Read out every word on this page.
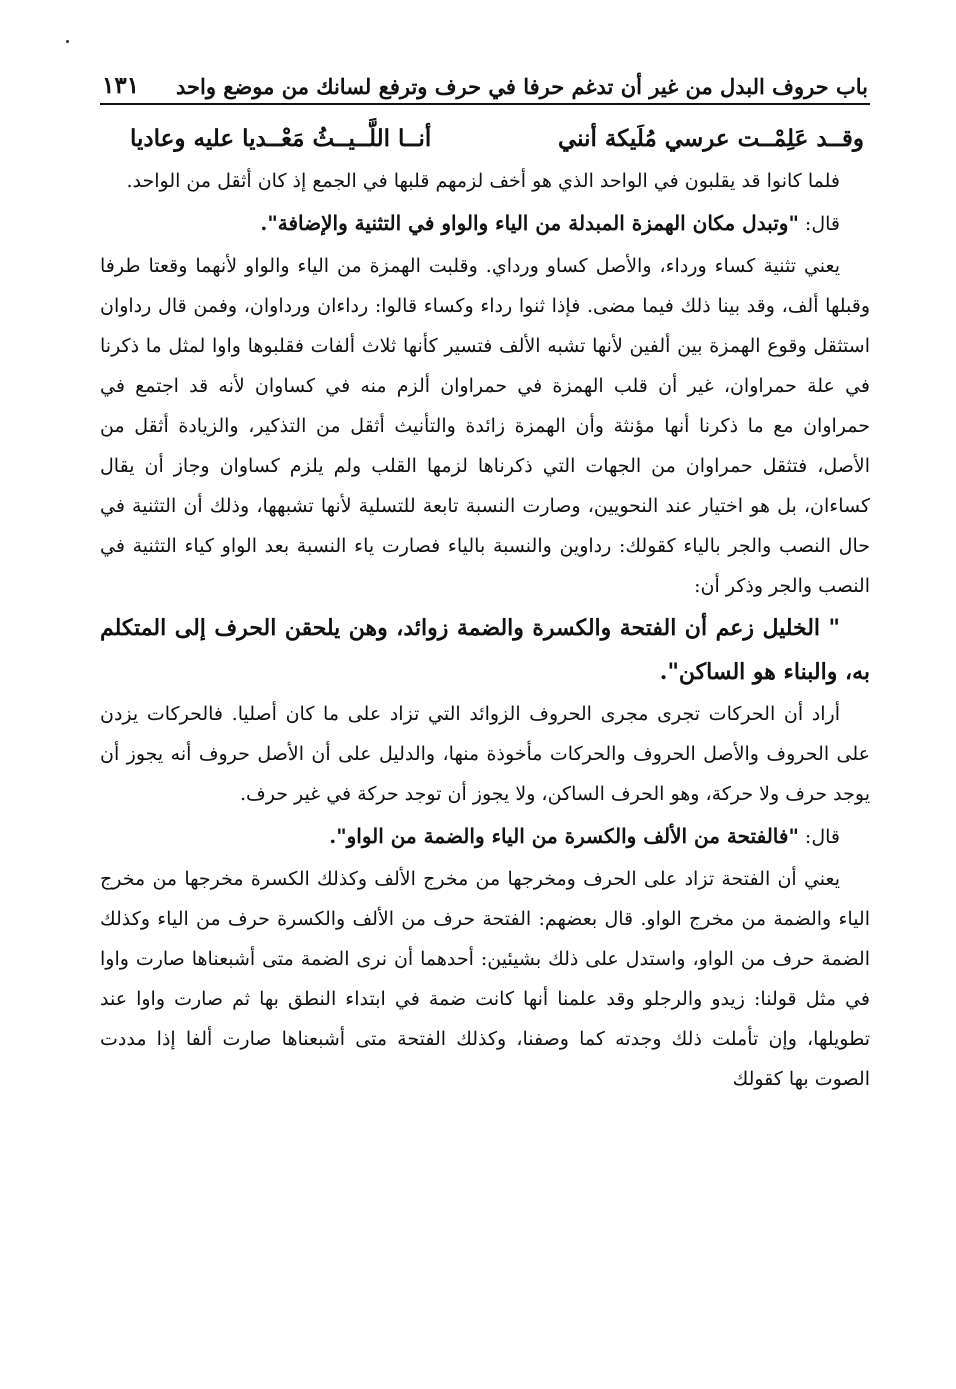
باب حروف البدل من غير أن تدغم حرفا في حرف وترفع لسانك من موضع واحد
١٣١
وقــد عَلِمْــت عرسي مُلَيكة أنني
أنــا اللَّــيــثُ مَعْــديا عليه وعاديا

فلما كانوا قد يقلبون في الواحد الذي هو أخف لزمهم قلبها في الجمع إذ كان أثقل من الواحد.

قال: "وتبدل مكان الهمزة المبدلة من الياء والواو في التثنية والإضافة".

يعني تثنية كساء ورداء، والأصل كساو ورداي. وقلبت الهمزة من الياء والواو لأنهما وقعتا طرفا وقبلها ألف، وقد بينا ذلك فيما مضى. فإذا ثنوا رداء وكساء قالوا: رداءان ورداوان، وفمن قال رداوان استثقل وقوع الهمزة بين ألفين لأنها تشبه الألف فتسير كأنها ثلاث ألفات فقلبوها واوا لمثل ما ذكرنا في علة حمراوان، غير أن قلب الهمزة في حمراوان ألزم منه في كساوان لأنه قد اجتمع في حمراوان مع ما ذكرنا أنها مؤنثة وأن الهمزة زائدة والتأنيث أثقل من التذكير، والزيادة أثقل من الأصل، فتثقل حمراوان من الجهات التي ذكرناها لزمها القلب ولم يلزم كساوان وجاز أن يقال كساءان، بل هو اختيار عند النحويين، وصارت النسبة تابعة للتسلية لأنها تشبهها، وذلك أن التثنية في حال النصب والجر بالياء كقولك: رداوين والنسبة بالياء فصارت ياء النسبة بعد الواو كياء التثنية في النصب والجر وذكر أن:

" الخليل زعم أن الفتحة والكسرة والضمة زوائد، وهن يلحقن الحرف إلى المتكلم به، والبناء هو الساكن".

أراد أن الحركات تجرى مجرى الحروف الزوائد التي تزاد على ما كان أصليا. فالحركات يزدن على الحروف والأصل الحروف والحركات مأخوذة منها، والدليل على أن الأصل حروف أنه يجوز أن يوجد حرف ولا حركة، وهو الحرف الساكن، ولا يجوز أن توجد حركة في غير حرف.

قال: "فالفتحة من الألف والكسرة من الياء والضمة من الواو".

يعني أن الفتحة تزاد على الحرف ومخرجها من مخرج الألف وكذلك الكسرة مخرجها من مخرج الياء والضمة من مخرج الواو. قال بعضهم: الفتحة حرف من الألف والكسرة حرف من الياء وكذلك الضمة حرف من الواو، واستدل على ذلك بشيئين: أحدهما أن نرى الضمة متى أشبعناها صارت واوا في مثل قولنا: زيدو والرجلو وقد علمنا أنها كانت ضمة في ابتداء النطق بها ثم صارت واوا عند تطويلها، وإن تأملت ذلك وجدته كما وصفنا، وكذلك الفتحة متى أشبعناها صارت ألفا إذا مددت الصوت بها كقولك
